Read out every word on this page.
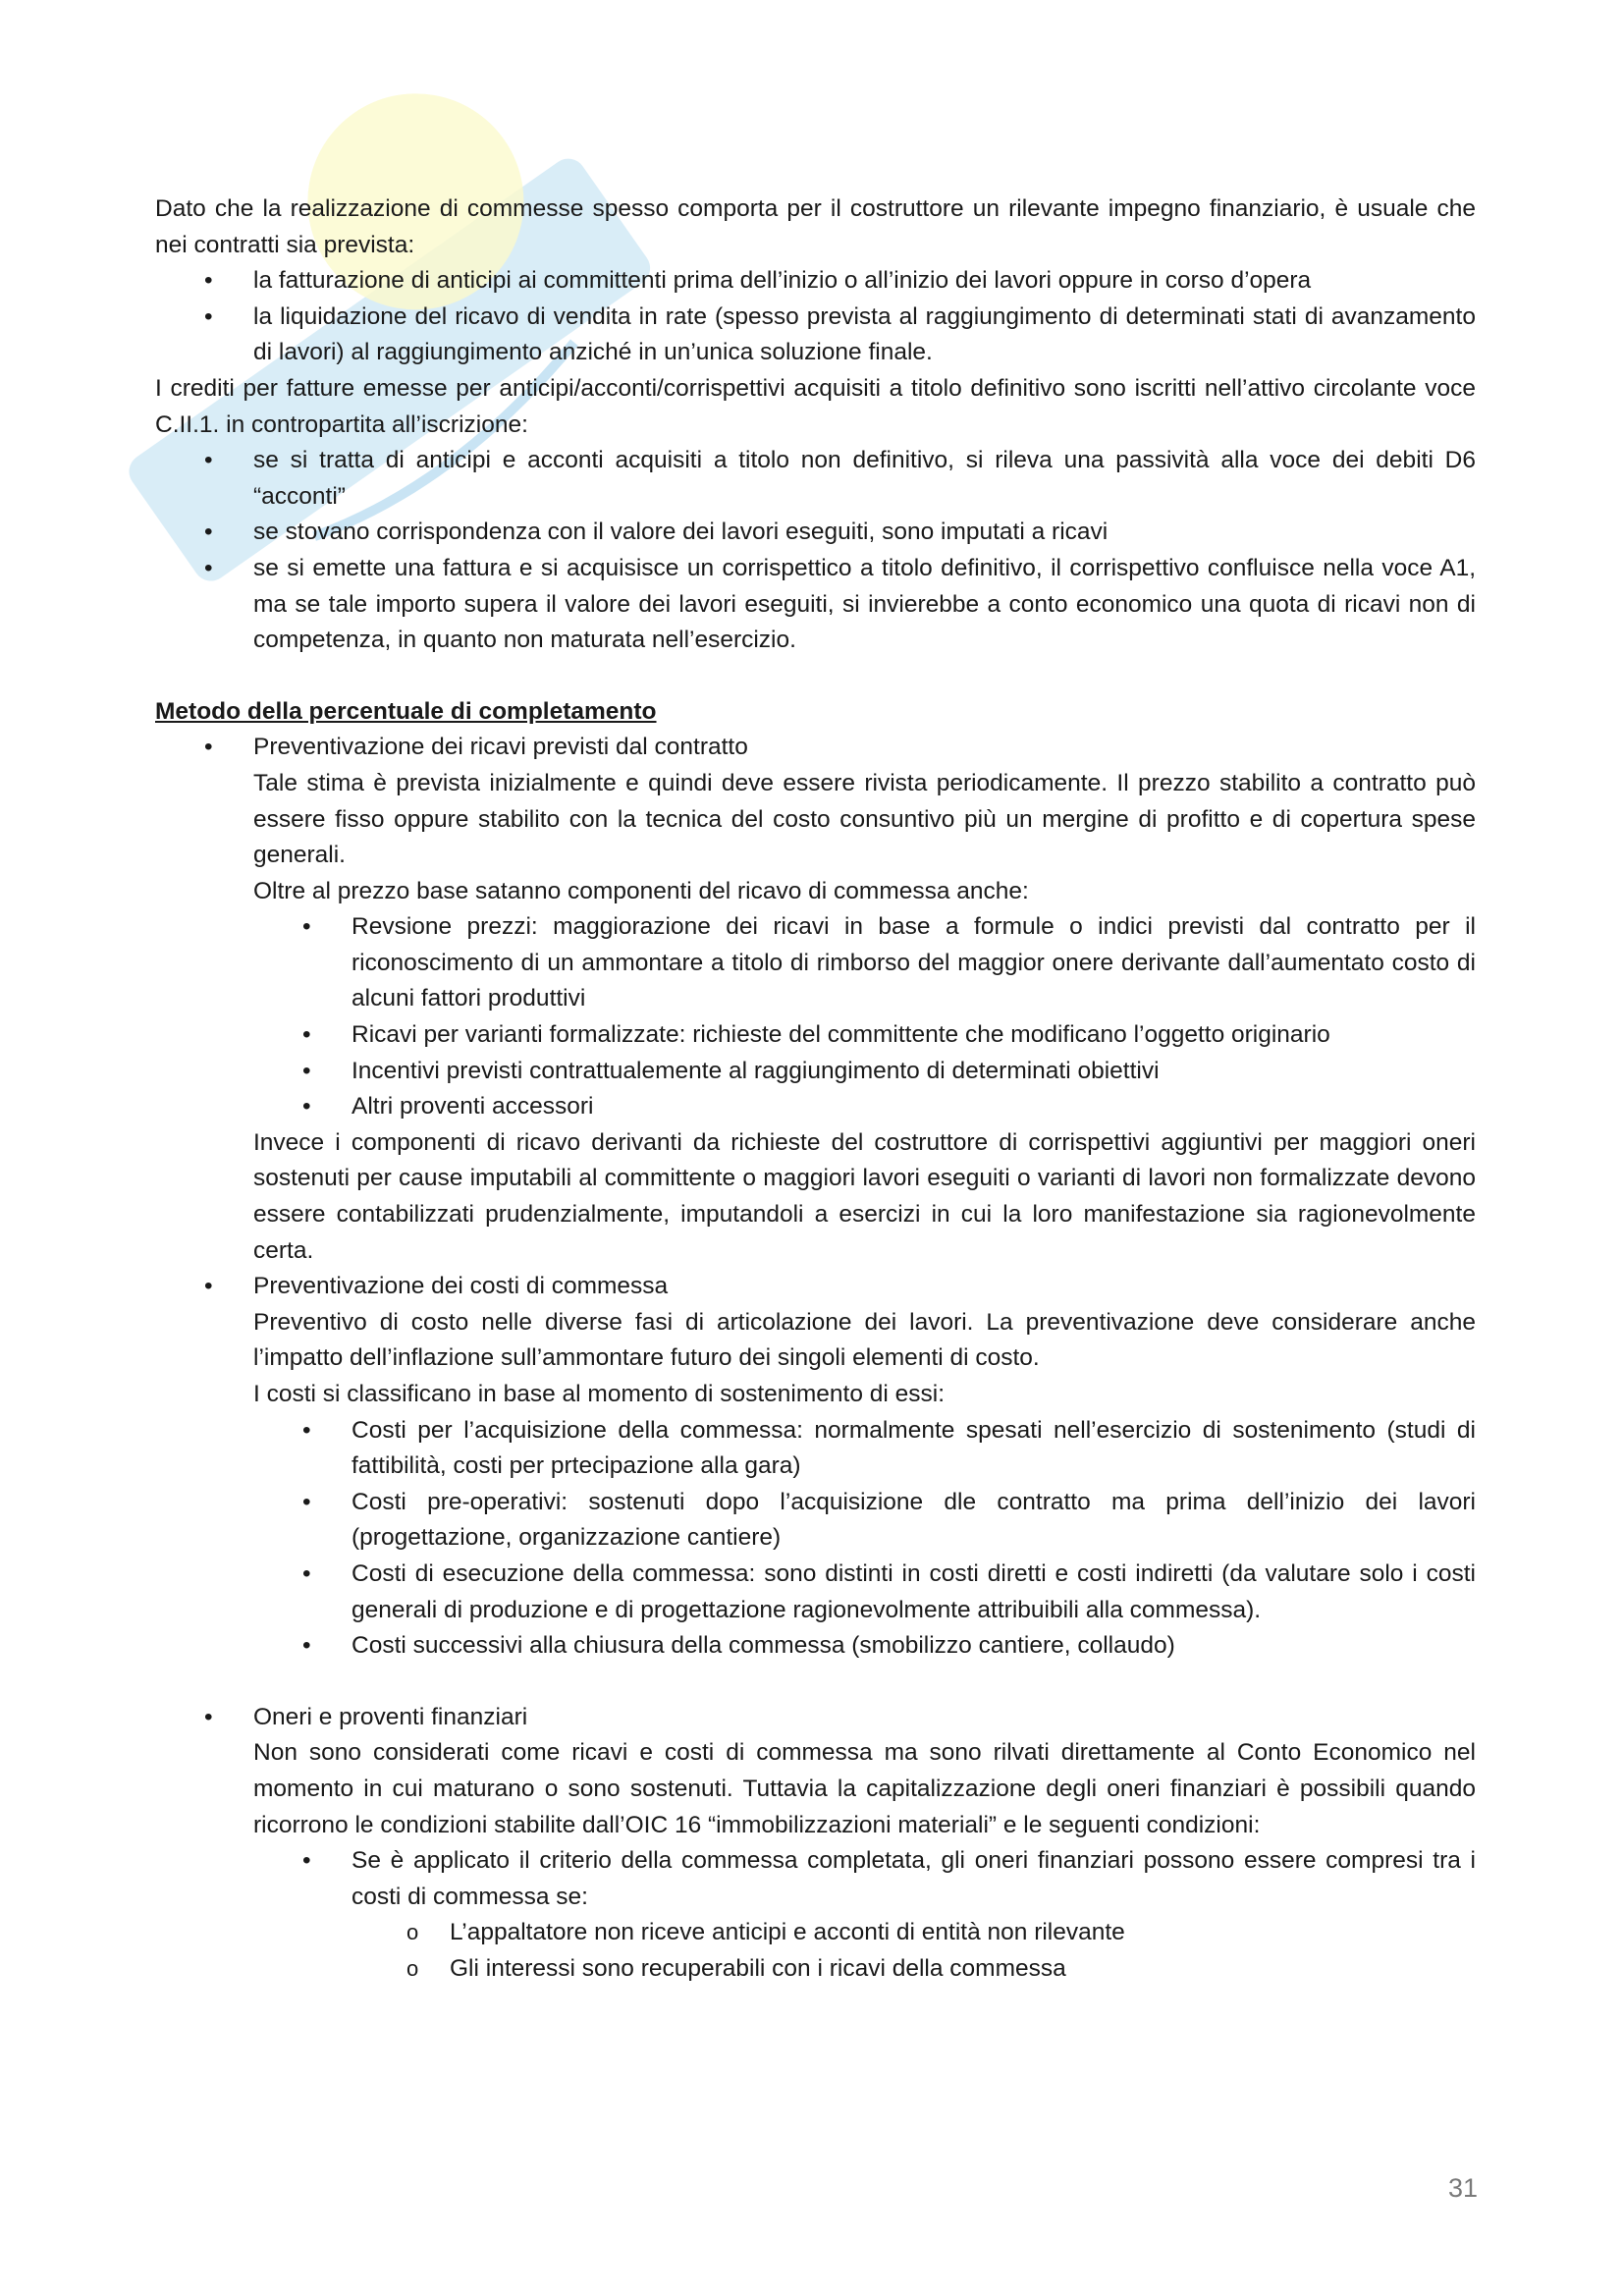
Dato che la realizzazione di commesse spesso comporta per il costruttore un rilevante impegno finanziario, è usuale che nei contratti sia prevista:

• la fatturazione di anticipi ai committenti prima dell’inizio o all’inizio dei lavori oppure in corso d’opera
• la liquidazione del ricavo di vendita in rate (spesso prevista al raggiungimento di determinati stati di avanzamento di lavori) al raggiungimento anziché in un’unica soluzione finale.

I crediti per fatture emesse per anticipi/acconti/corrispettivi acquisiti a titolo definitivo sono iscritti nell’attivo circolante voce C.II.1. in contropartita all’iscrizione:

• se si tratta di anticipi e acconti acquisiti a titolo non definitivo, si rileva una passività alla voce dei debiti D6 “acconti”
• se stovano corrispondenza con il valore dei lavori eseguiti, sono imputati a ricavi
• se si emette una fattura e si acquisisce un corrispettico a titolo definitivo, il corrispettivo confluisce nella voce A1, ma se tale importo supera il valore dei lavori eseguiti, si invierebbe a conto economico una quota di ricavi non di competenza, in quanto non maturata nell’esercizio.

Metodo della percentuale di completamento

• Preventivazione dei ricavi previsti dal contratto
Tale stima è prevista inizialmente e quindi deve essere rivista periodicamente. Il prezzo stabilito a contratto può essere fisso oppure stabilito con la tecnica del costo consuntivo più un mergine di profitto e di copertura spese generali.
Oltre al prezzo base satanno componenti del ricavo di commessa anche:
• Revsione prezzi: maggiorazione dei ricavi in base a formule o indici previsti dal contratto per il riconoscimento di un ammontare a titolo di rimborso del maggior onere derivante dall’aumentato costo di alcuni fattori produttivi
• Ricavi per varianti formalizzate: richieste del committente che modificano l’oggetto originario
• Incentivi previsti contrattualemente al raggiungimento di determinati obiettivi
• Altri proventi accessori
Invece i componenti di ricavo derivanti da richieste del costruttore di corrispettivi aggiuntivi per maggiori oneri sostenuti per cause imputabili al committente o maggiori lavori eseguiti o varianti di lavori non formalizzate devono essere contabilizzati prudenzialmente, imputandoli a esercizi in cui la loro manifestazione sia ragionevolmente certa.
• Preventivazione dei costi di commessa
Preventivo di costo nelle diverse fasi di articolazione dei lavori. La preventivazione deve considerare anche l’impatto dell’inflazione sull’ammontare futuro dei singoli elementi di costo.
I costi si classificano in base al momento di sostenimento di essi:
• Costi per l’acquisizione della commessa: normalmente spesati nell’esercizio di sostenimento (studi di fattibilità, costi per prtecipazione alla gara)
• Costi pre-operativi: sostenuti dopo l’acquisizione dle contratto ma prima dell’inizio dei lavori (progettazione, organizzazione cantiere)
• Costi di esecuzione della commessa: sono distinti in costi diretti e costi indiretti (da valutare solo i costi generali di produzione e di progettazione ragionevolmente attribuibili alla commessa).
• Costi successivi alla chiusura della commessa (smobilizzo cantiere, collaudo)
• Oneri e proventi finanziari
Non sono considerati come ricavi e costi di commessa ma sono rilvati direttamente al Conto Economico nel momento in cui maturano o sono sostenuti. Tuttavia la capitalizzazione degli oneri finanziari è possibili quando ricorrono le condizioni stabilite dall’OIC 16 “immobilizzazioni materiali” e le seguenti condizioni:
• Se è applicato il criterio della commessa completata, gli oneri finanziari possono essere compresi tra i costi di commessa se:
o L’appaltatore non riceve anticipi e acconti di entità non rilevante
o Gli interessi sono recuperabili con i ricavi della commessa
31
